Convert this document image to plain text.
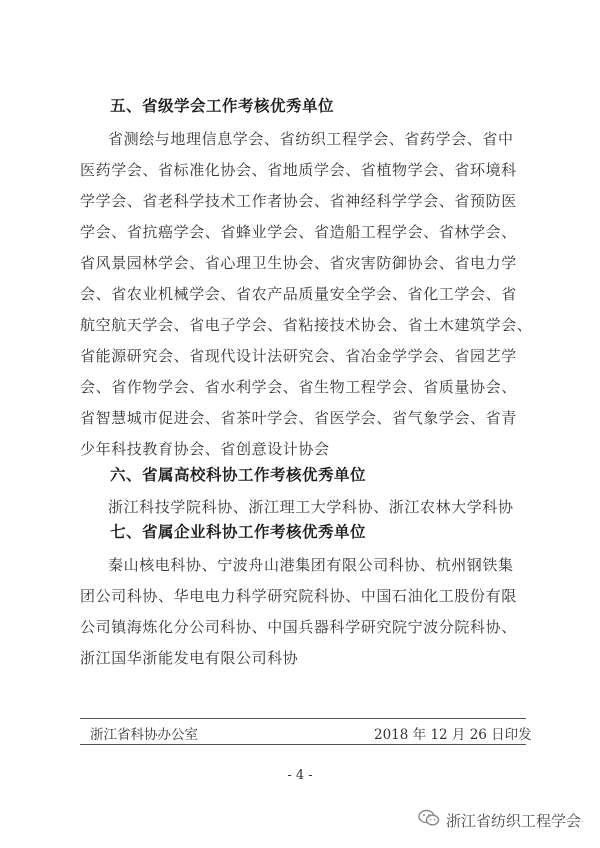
五、省级学会工作考核优秀单位
省测绘与地理信息学会、省纺织工程学会、省药学会、省中
医药学会、省标准化协会、省地质学会、省植物学会、省环境科
学学会、省老科学技术工作者协会、省神经科学学会、省预防医
学会、省抗癌学会、省蜂业学会、省造船工程学会、省林学会、
省风景园林学会、省心理卫生协会、省灾害防御协会、省电力学
会、省农业机械学会、省农产品质量安全学会、省化工学会、省
航空航天学会、省电子学会、省粘接技术协会、省土木建筑学会、
省能源研究会、省现代设计法研究会、省冶金学学会、省园艺学
会、省作物学会、省水利学会、省生物工程学会、省质量协会、
省智慧城市促进会、省茶叶学会、省医学会、省气象学会、省青
少年科技教育协会、省创意设计协会
六、省属高校科协工作考核优秀单位
浙江科技学院科协、浙江理工大学科协、浙江农林大学科协
七、省属企业科协工作考核优秀单位
秦山核电科协、宁波舟山港集团有限公司科协、杭州钢铁集
团公司科协、华电电力科学研究院科协、中国石油化工股份有限
公司镇海炼化分公司科协、中国兵器科学研究院宁波分院科协、
浙江国华浙能发电有限公司科协
浙江省科协办公室	2018 年 12 月 26 日印发
- 4 -
浙江省纺织工程学会
